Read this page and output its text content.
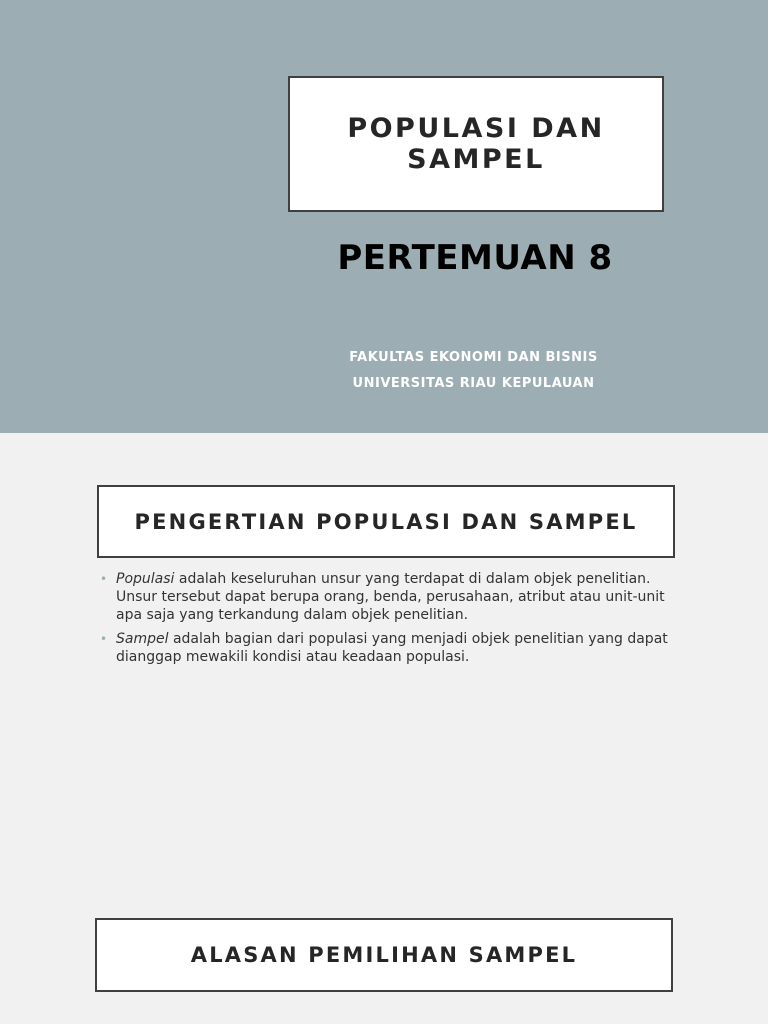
POPULASI DAN
SAMPEL
PERTEMUAN 8
FAKULTAS EKONOMI DAN BISNIS
UNIVERSITAS RIAU KEPULAUAN
PENGERTIAN POPULASI DAN SAMPEL
• Populasi adalah keseluruhan unsur yang terdapat di dalam objek penelitian. Unsur tersebut dapat berupa orang, benda, perusahaan, atribut atau unit-unit apa saja yang terkandung dalam objek penelitian.
• Sampel adalah bagian dari populasi yang menjadi objek penelitian yang dapat dianggap mewakili kondisi atau keadaan populasi.
ALASAN PEMILIHAN SAMPEL
